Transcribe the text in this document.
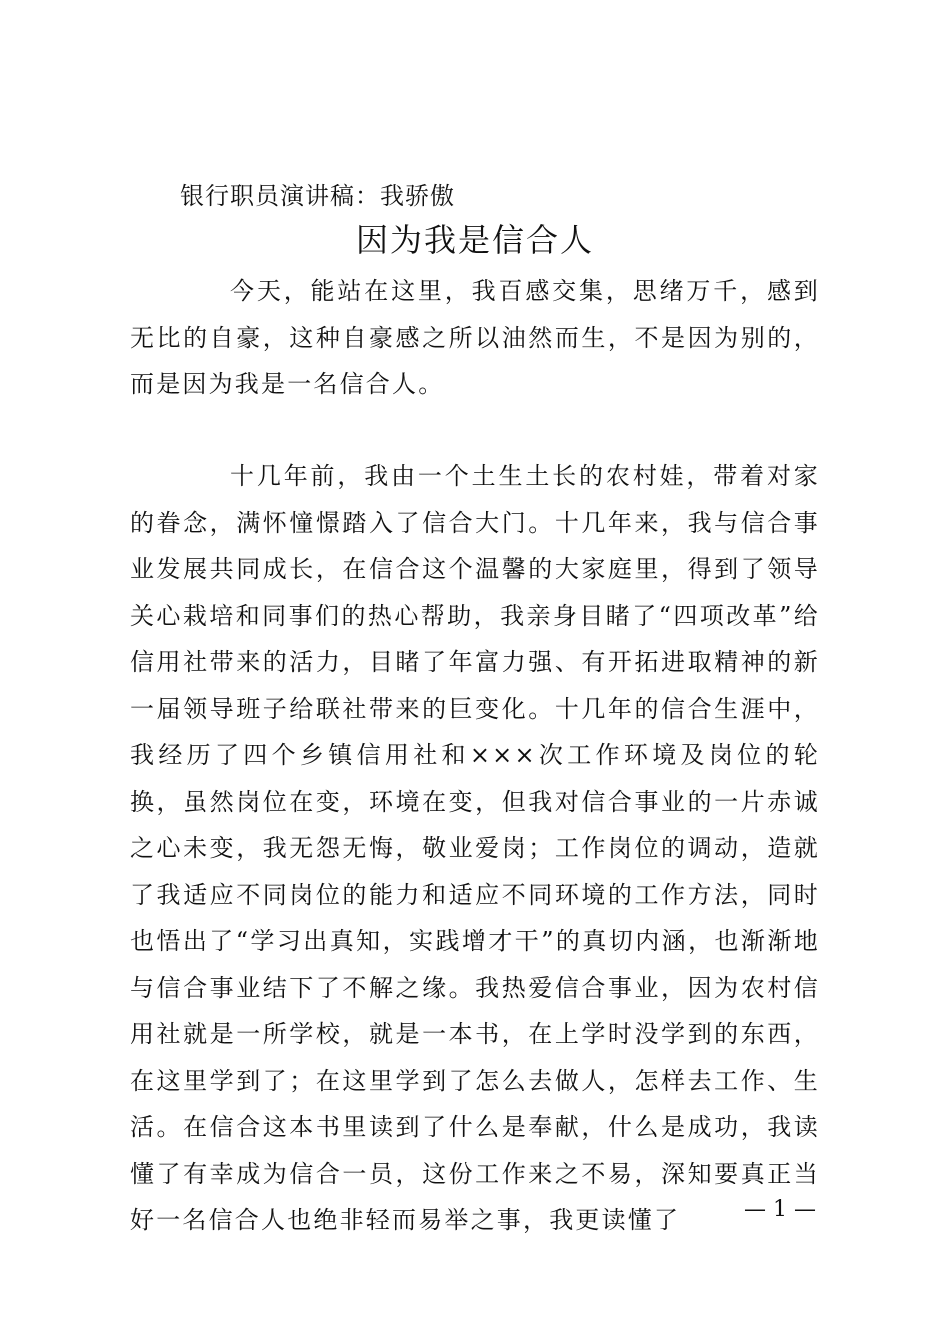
银行职员演讲稿：我骄傲
因为我是信合人

今天，能站在这里，我百感交集，思绪万千，感到无比的自豪，这种自豪感之所以油然而生，不是因为别的，而是因为我是一名信合人。

十几年前，我由一个土生土长的农村娃，带着对家的眷念，满怀憧憬踏入了信合大门。十几年来，我与信合事业发展共同成长，在信合这个温馨的大家庭里，得到了领导关心栽培和同事们的热心帮助，我亲身目睹了“四项改革”给信用社带来的活力，目睹了年富力强、有开拓进取精神的新一届领导班子给联社带来的巨变化。十几年的信合生涯中，我经历了四个乡镇信用社和×××次工作环境及岗位的轮换，虽然岗位在变，环境在变，但我对信合事业的一片赤诚之心未变，我无怨无悔，敬业爱岗；工作岗位的调动，造就了我适应不同岗位的能力和适应不同环境的工作方法，同时也悟出了“学习出真知，实践增才干”的真切内涵，也渐渐地与信合事业结下了不解之缘。我热爱信合事业，因为农村信用社就是一所学校，就是一本书，在上学时没学到的东西，在这里学到了；在这里学到了怎么去做人，怎样去工作、生活。在信合这本书里读到了什么是奉献，什么是成功，我读懂了有幸成为信合一员，这份工作来之不易，深知要真正当好一名信合人也绝非轻而易举之事，我更读懂了	— 1 —
